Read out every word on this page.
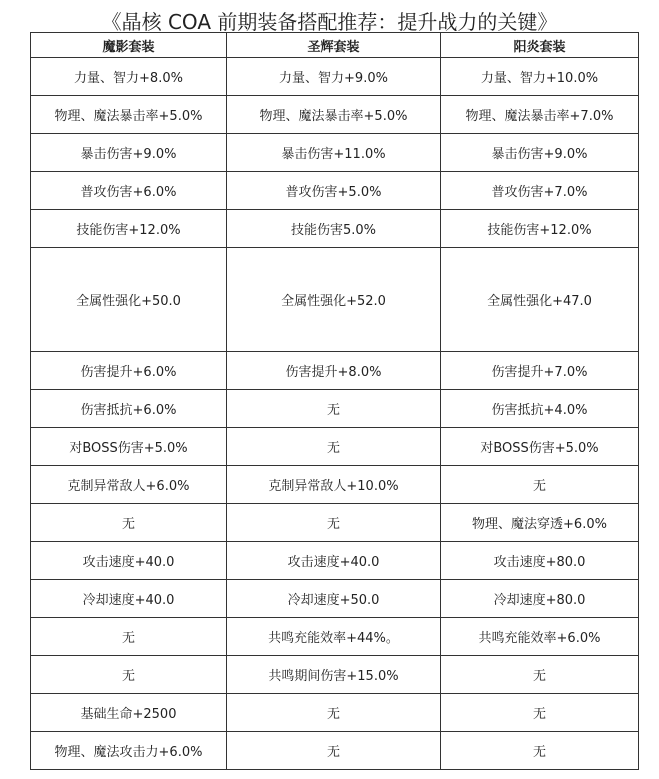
《晶核 COA 前期装备搭配推荐：提升战力的关键》
魔影套装	圣辉套装	阳炎套装
力量、智力+8.0%	力量、智力+9.0%	力量、智力+10.0%
物理、魔法暴击率+5.0%	物理、魔法暴击率+5.0%	物理、魔法暴击率+7.0%
暴击伤害+9.0%	暴击伤害+11.0%	暴击伤害+9.0%
普攻伤害+6.0%	普攻伤害+5.0%	普攻伤害+7.0%
技能伤害+12.0%	技能伤害5.0%	技能伤害+12.0%
全属性强化+50.0	全属性强化+52.0	全属性强化+47.0
伤害提升+6.0%	伤害提升+8.0%	伤害提升+7.0%
伤害抵抗+6.0%	无	伤害抵抗+4.0%
对BOSS伤害+5.0%	无	对BOSS伤害+5.0%
克制异常敌人+6.0%	克制异常敌人+10.0%	无
无	无	物理、魔法穿透+6.0%
攻击速度+40.0	攻击速度+40.0	攻击速度+80.0
冷却速度+40.0	冷却速度+50.0	冷却速度+80.0
无	共鸣充能效率+44%。	共鸣充能效率+6.0%
无	共鸣期间伤害+15.0%	无
基础生命+2500	无	无
物理、魔法攻击力+6.0%	无	无
